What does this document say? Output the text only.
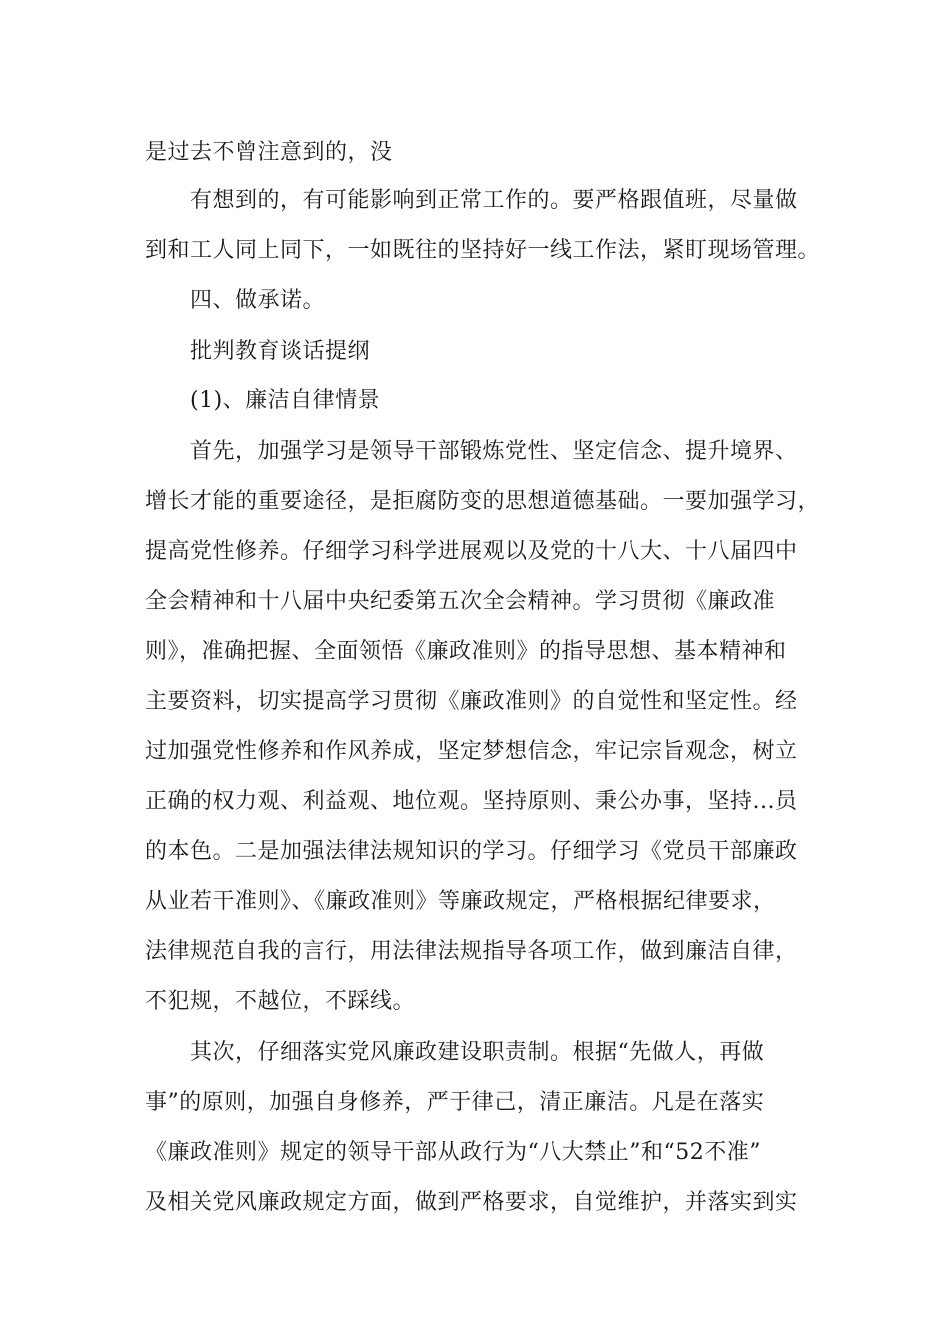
是过去不曾注意到的，没
有想到的，有可能影响到正常工作的。要严格跟值班，尽量做
到和工人同上同下，一如既往的坚持好一线工作法，紧盯现场管理。
四、做承诺。
批判教育谈话提纲
(1)、廉洁自律情景
首先，加强学习是领导干部锻炼党性、坚定信念、提升境界、
增长才能的重要途径，是拒腐防变的思想道德基础。一要加强学习，
提高党性修养。仔细学习科学进展观以及党的十八大、十八届四中
全会精神和十八届中央纪委第五次全会精神。学习贯彻《廉政准
则》，准确把握、全面领悟《廉政准则》的指导思想、基本精神和
主要资料，切实提高学习贯彻《廉政准则》的自觉性和坚定性。经
过加强党性修养和作风养成，坚定梦想信念，牢记宗旨观念，树立
正确的权力观、利益观、地位观。坚持原则、秉公办事，坚持...员
的本色。二是加强法律法规知识的学习。仔细学习《党员干部廉政
从业若干准则》、《廉政准则》等廉政规定，严格根据纪律要求，
法律规范自我的言行，用法律法规指导各项工作，做到廉洁自律，
不犯规，不越位，不踩线。
其次，仔细落实党风廉政建设职责制。根据“先做人，再做
事”的原则，加强自身修养，严于律己，清正廉洁。凡是在落实
《廉政准则》规定的领导干部从政行为“八大禁止”和“52不准”
及相关党风廉政规定方面，做到严格要求，自觉维护，并落实到实
